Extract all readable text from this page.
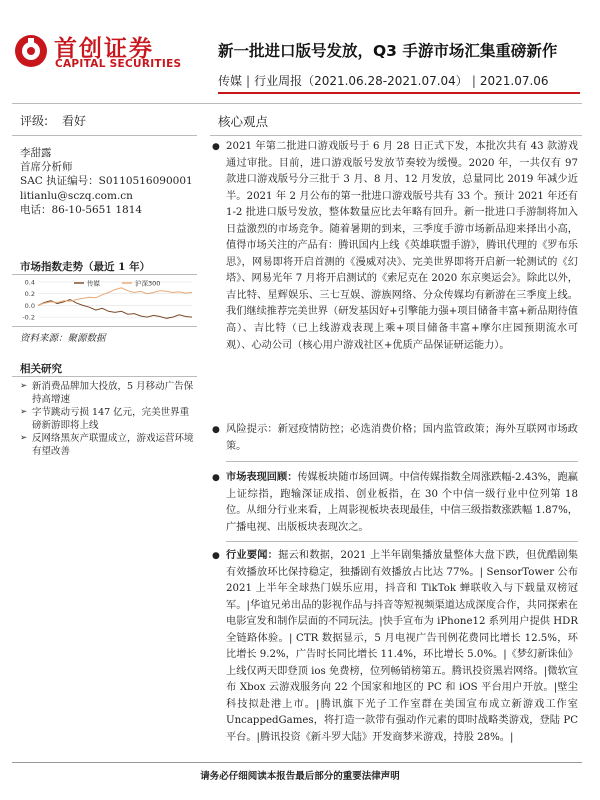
首创证券
CAPITAL SECURITIES
新一批进口版号发放，Q3 手游市场汇集重磅新作
传媒 | 行业周报（2021.06.28-2021.07.04） | 2021.07.06
评级: 看好
李甜露
首席分析师
SAC 执证编号：S0110516090001
litianlu@sczq.com.cn
电话：86-10-5651 1814
市场指数走势（最近 1 年）
0.4
0.2
0.0
-0.2
传媒	沪深300
资料来源：聚源数据
相关研究
➢ 新消费品牌加大投放，5 月移动广告保持高增速
➢ 字节跳动亏损 147 亿元，完美世界重磅新游即将上线
➢ 反网络黑灰产联盟成立，游戏运营环境有望改善
核心观点
● 2021 年第二批进口游戏版号于 6 月 28 日正式下发，本批次共有 43 款游戏通过审批。目前，进口游戏版号发放节奏较为缓慢。2020 年，一共仅有 97 款进口游戏版号分三批于 3 月、8 月、12 月发放，总量同比 2019 年减少近半。2021 年 2 月公布的第一批进口游戏版号共有 33 个。预计 2021 年还有 1-2 批进口版号发放，整体数量应比去年略有回升。新一批进口手游制将加入日益激烈的市场竞争。随着暑期的到来，三季度手游市场新品迎来择出小高，值得市场关注的产品有：腾讯国内上线《英雄联盟手游》，腾讯代理的《罗布乐思》，网易即将开启首测的《漫威对决》、完美世界即将开启新一轮测试的《幻塔》、网易光年 7 月将开启测试的《索尼克在 2020 东京奥运会》。除此以外，吉比特、星辉娱乐、三七互娱、游族网络、分众传媒均有新游在三季度上线。我们继续推荐完美世界（研发基因好+引擎能力强+项目储备丰富+新品期待值高）、吉比特（已上线游戏表现上乘+项目储备丰富+摩尔庄园预期流水可观）、心动公司（核心用户游戏社区+优质产品保证研运能力）。
● 风险提示：新冠疫情防控；必选消费价格；国内监管政策；海外互联网市场政策。
● 市场表现回顾：传媒板块随市场回调。中信传媒指数全周涨跌幅-2.43%，跑赢上证综指，跑输深证成指、创业板指，在 30 个中信一级行业中位列第 18 位。从细分行业来看，上周影视板块表现最佳，中信三级指数涨跌幅 1.87%，广播电视、出版板块表现次之。
● 行业要闻：掘云和数据，2021 上半年剧集播放量整体大盘下跌，但优酷剧集有效播放环比保持稳定，独播剧有效播放占比达 77%。| SensorTower 公布 2021 上半年全球热门娱乐应用，抖音和 TikTok 蝉联收入与下载量双榜冠军。|华谊兄弟出品的影视作品与抖音等短视频渠道达成深度合作，共同探索在电影宣发和制作层面的不同玩法。|快手宣布为 iPhone12 系列用户提供 HDR 全链路体验。| CTR 数据显示，5 月电视广告刊例花费同比增长 12.5%，环比增长 9.2%，广告时长同比增长 11.4%，环比增长 5.0%。|《梦幻新诛仙》上线仅两天即登顶 ios 免费榜，位列畅销榜第五。腾讯投资黑岩网络。|微软宣布 Xbox 云游戏服务向 22 个国家和地区的 PC 和 iOS 平台用户开放。|壁尘科技拟赴港上市。|腾讯旗下光子工作室群在美国宣布成立新游戏工作室 UncappedGames，将打造一款带有强动作元素的即时战略类游戏，登陆 PC 平台。|腾讯投资《新斗罗大陆》开发商梦米游戏，持股 28%。|
请务必仔细阅读本报告最后部分的重要法律声明
